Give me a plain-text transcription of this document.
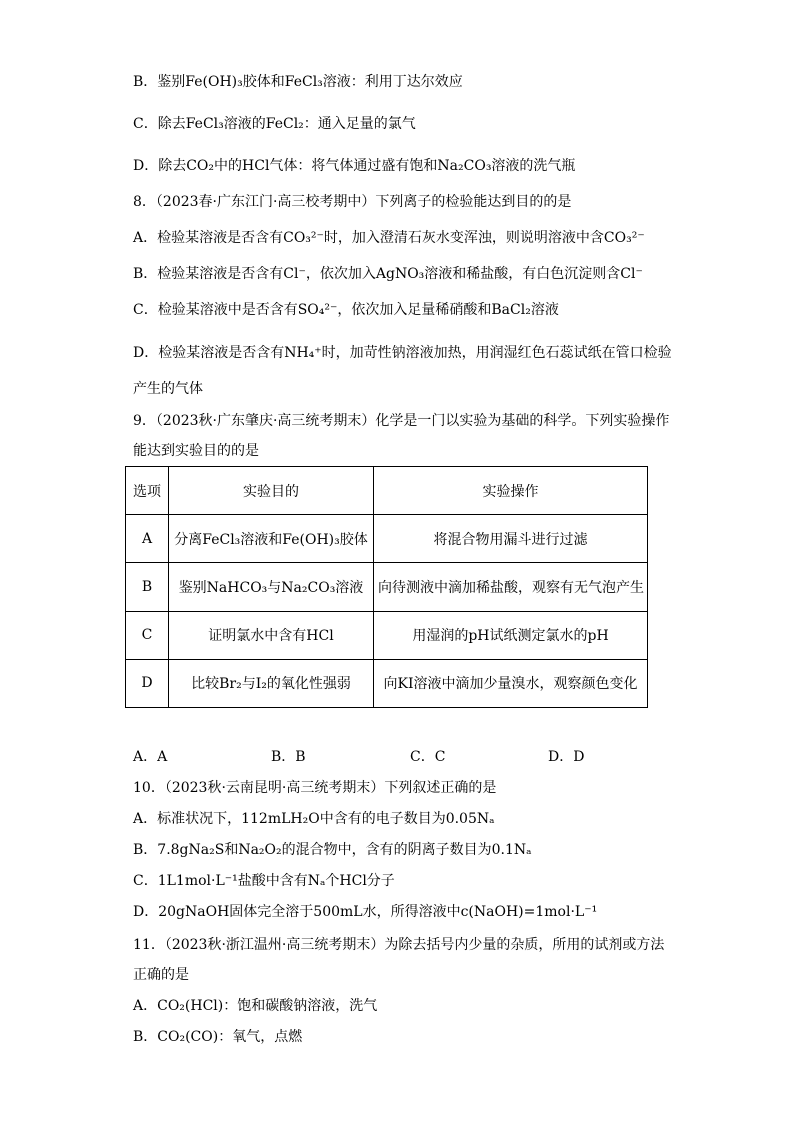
B．鉴别Fe(OH)₃胶体和FeCl₃溶液：利用丁达尔效应
C．除去FeCl₃溶液的FeCl₂：通入足量的氯气
D．除去CO₂中的HCl气体：将气体通过盛有饱和Na₂CO₃溶液的洗气瓶
8．（2023春·广东江门·高三校考期中）下列离子的检验能达到目的的是
A．检验某溶液是否含有CO₃²⁻时，加入澄清石灰水变浑浊，则说明溶液中含CO₃²⁻
B．检验某溶液是否含有Cl⁻，依次加入AgNO₃溶液和稀盐酸，有白色沉淀则含Cl⁻
C．检验某溶液中是否含有SO₄²⁻，依次加入足量稀硝酸和BaCl₂溶液
D．检验某溶液是否含有NH₄⁺时，加苛性钠溶液加热，用润湿红色石蕊试纸在管口检验
产生的气体
9．（2023秋·广东肇庆·高三统考期末）化学是一门以实验为基础的科学。下列实验操作
能达到实验目的的是
选项	实验目的	实验操作
A	分离FeCl₃溶液和Fe(OH)₃胶体	将混合物用漏斗进行过滤
B	鉴别NaHCO₃与Na₂CO₃溶液	向待测液中滴加稀盐酸，观察有无气泡产生
C	证明氯水中含有HCl	用湿润的pH试纸测定氯水的pH
D	比较Br₂与I₂的氧化性强弱	向KI溶液中滴加少量溴水，观察颜色变化
A．A	B．B	C．C	D．D
10．（2023秋·云南昆明·高三统考期末）下列叙述正确的是
A．标准状况下，112mLH₂O中含有的电子数目为0.05Nₐ
B．7.8gNa₂S和Na₂O₂的混合物中，含有的阴离子数目为0.1Nₐ
C．1L1mol·L⁻¹盐酸中含有Nₐ个HCl分子
D．20gNaOH固体完全溶于500mL水，所得溶液中c(NaOH)=1mol·L⁻¹
11．（2023秋·浙江温州·高三统考期末）为除去括号内少量的杂质，所用的试剂或方法
正确的是
A．CO₂(HCl)：饱和碳酸钠溶液，洗气
B．CO₂(CO)：氧气，点燃
